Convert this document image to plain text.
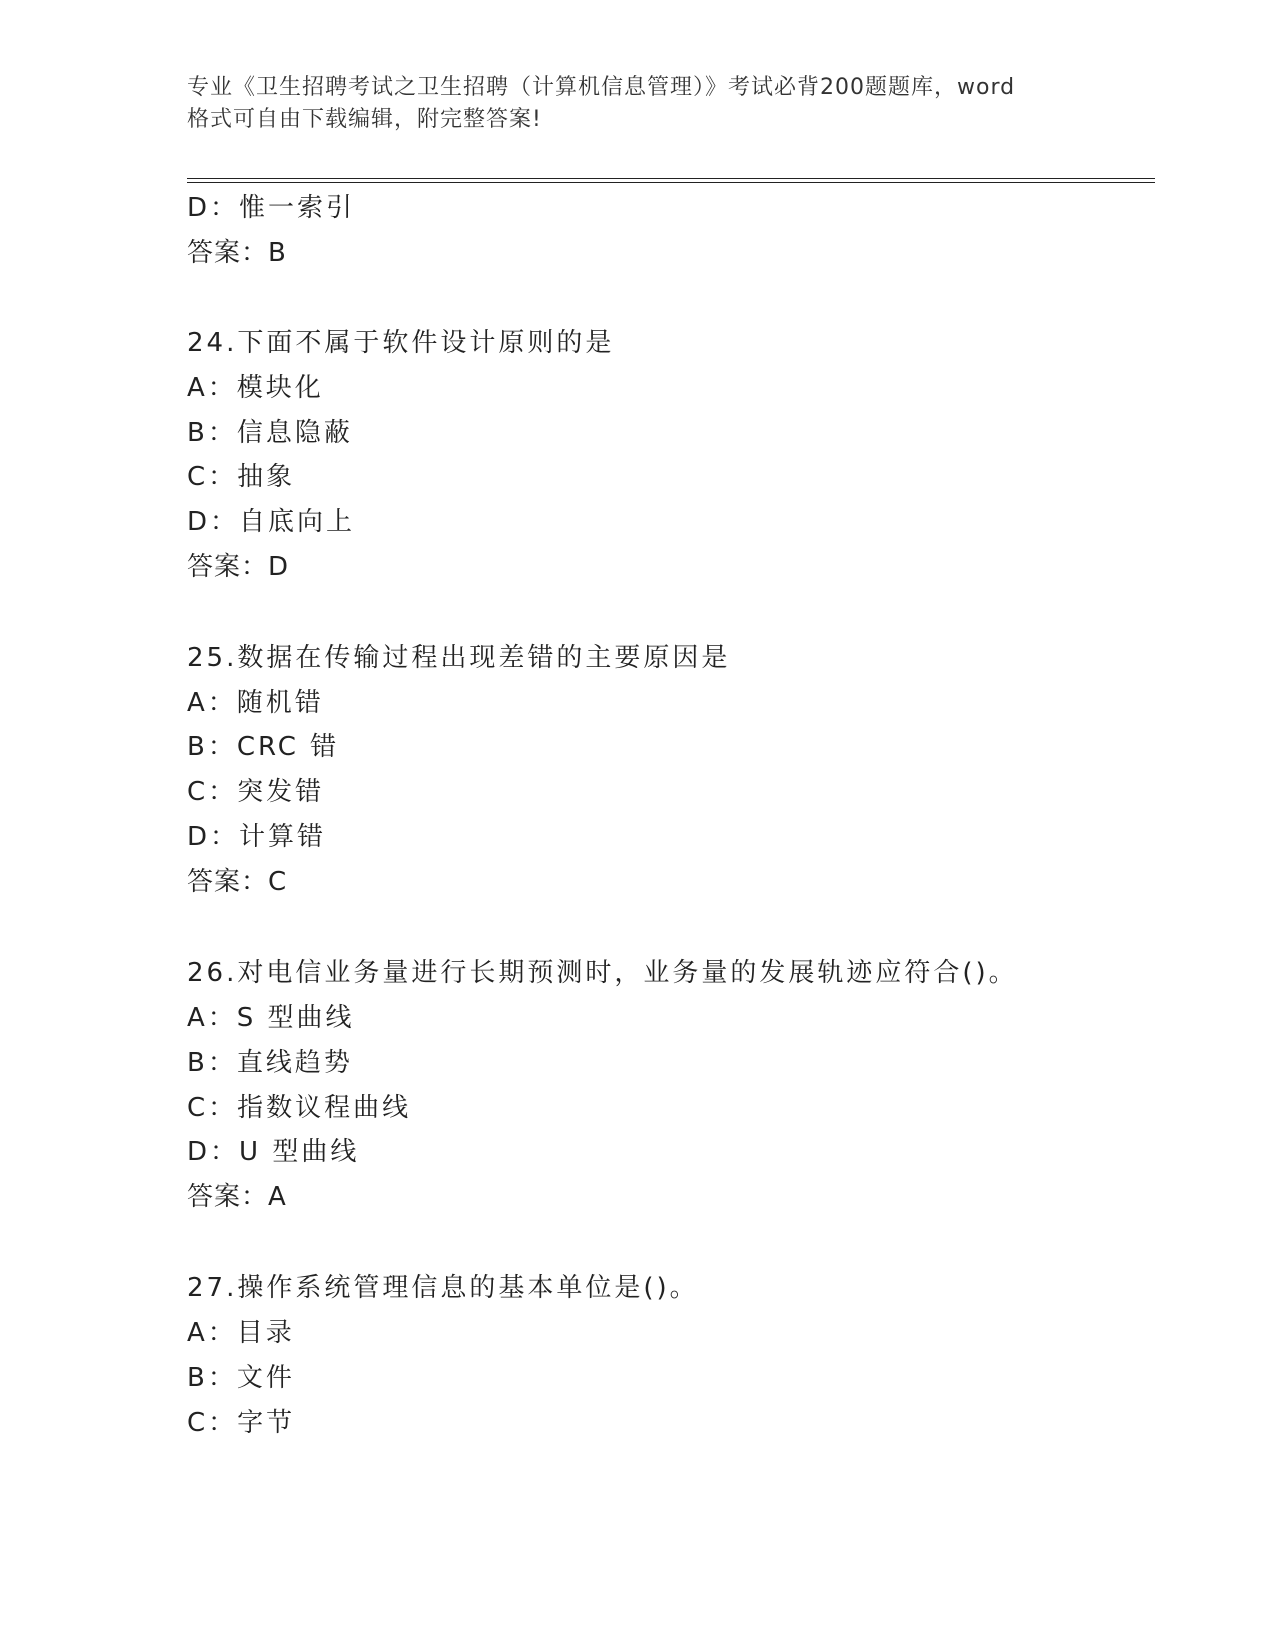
专业《卫生招聘考试之卫生招聘（计算机信息管理）》考试必背200题题库，word
格式可自由下载编辑，附完整答案!
D：惟一索引
答案：B
24.下面不属于软件设计原则的是
A：模块化
B：信息隐蔽
C：抽象
D：自底向上
答案：D
25.数据在传输过程出现差错的主要原因是
A：随机错
B：CRC 错
C：突发错
D：计算错
答案：C
26.对电信业务量进行长期预测时，业务量的发展轨迹应符合()。
A：S 型曲线
B：直线趋势
C：指数议程曲线
D：U 型曲线
答案：A
27.操作系统管理信息的基本单位是()。
A：目录
B：文件
C：字节
